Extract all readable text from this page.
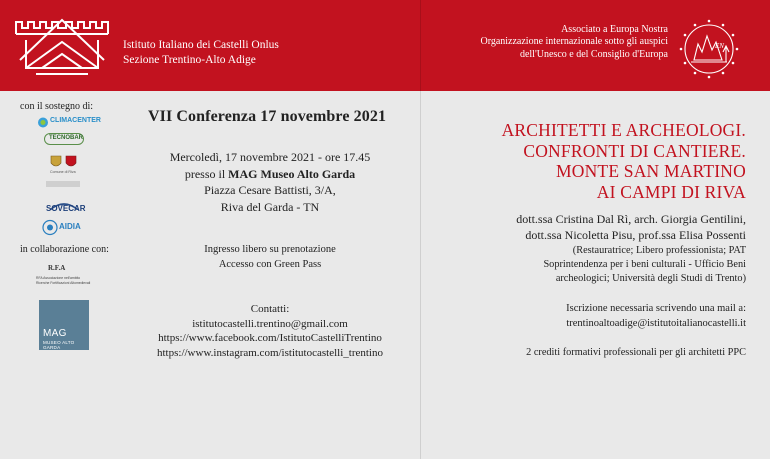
Istituto Italiano dei Castelli Onlus
Sezione Trentino-Alto Adige
Associato a Europa Nostra
Organizzazione internazionale sotto gli auspici
dell'Unesco e del Consiglio d'Europa
EN
con il sostegno di:
CLIMACENTER
TECNOBAR
Comune di Riva
SOVECAR
AIDIA
in collaborazione con:
R.F.A
RFA Associazione nell'ambito
Ricerche Fortificazioni Altomedievali
MAG
MUSEO ALTO GARDA
VII Conferenza 17 novembre 2021
Mercoledì, 17 novembre 2021 - ore 17.45
presso il MAG Museo Alto Garda
Piazza Cesare Battisti, 3/A,
Riva del Garda - TN
Ingresso libero su prenotazione
Accesso con Green Pass
Contatti:
istitutocastelli.trentino@gmail.com
https://www.facebook.com/IstitutoCastelliTrentino
https://www.instagram.com/istitutocastelli_trentino
ARCHITETTI E ARCHEOLOGI.
CONFRONTI DI CANTIERE.
MONTE SAN MARTINO
AI CAMPI DI RIVA
dott.ssa Cristina Dal Rì, arch. Giorgia Gentilini,
dott.ssa Nicoletta Pisu, prof.ssa Elisa Possenti
(Restauratrice; Libero professionista; PAT
Soprintendenza per i beni culturali - Ufficio Beni
archeologici; Università degli Studi di Trento)
Iscrizione necessaria scrivendo una mail a:
trentinoaltoadige@istitutoitalianocastelli.it
2 crediti formativi professionali per gli architetti PPC
